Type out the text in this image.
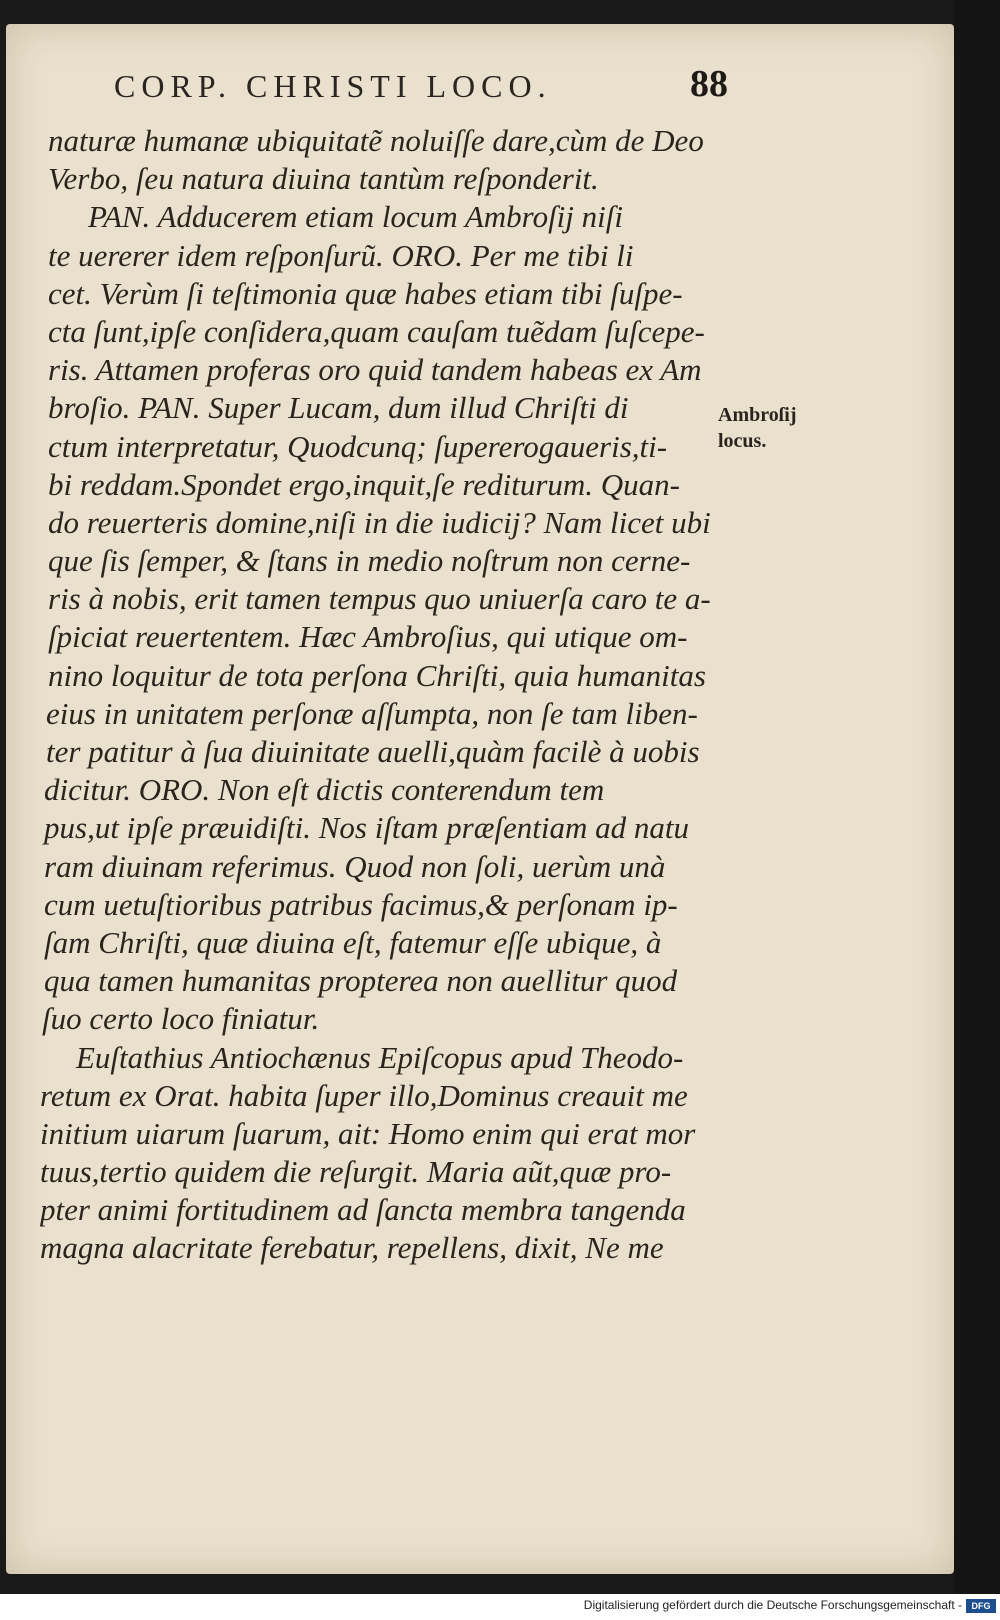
CORP. CHRISTI LOCO.	88
naturæ humanæ ubiquitatẽ noluiſſe dare,cùm de Deo
Verbo, ſeu natura diuina tantùm reſponderit.
PAN. Adducerem etiam locum Ambroſij niſi
te uererer idem reſponſurũ. ORO. Per me tibi li
cet. Verùm ſi teſtimonia quæ habes etiam tibi ſuſpe-
cta ſunt,ipſe conſidera,quam cauſam tuẽdam ſuſcepe-
ris. Attamen proferas oro quid tandem habeas ex Am
broſio. PAN. Super Lucam, dum illud Chriſti di
ctum interpretatur, Quodcunq; ſupererogaueris,ti-
bi reddam.Spondet ergo,inquit,ſe rediturum. Quan-
do reuerteris domine,niſi in die iudicij? Nam licet ubi
que ſis ſemper, & ſtans in medio noſtrum non cerne-
ris à nobis, erit tamen tempus quo uniuerſa caro te a-
ſpiciat reuertentem. Hæc Ambroſius, qui utique om-
nino loquitur de tota perſona Chriſti, quia humanitas
eius in unitatem perſonæ aſſumpta, non ſe tam liben-
ter patitur à ſua diuinitate auelli,quàm facilè à uobis
dicitur. ORO. Non eſt dictis conterendum tem
pus,ut ipſe præuidiſti. Nos iſtam præſentiam ad natu
ram diuinam referimus. Quod non ſoli, uerùm unà
cum uetuſtioribus patribus facimus,& perſonam ip-
ſam Chriſti, quæ diuina eſt, fatemur eſſe ubique, à
qua tamen humanitas propterea non auellitur quod
ſuo certo loco finiatur.
Euſtathius Antiochænus Epiſcopus apud Theodo-
retum ex Orat. habita ſuper illo,Dominus creauit me
initium uiarum ſuarum, ait: Homo enim qui erat mor
tuus,tertio quidem die reſurgit. Maria aũt,quæ pro-
pter animi fortitudinem ad ſancta membra tangenda
magna alacritate ferebatur, repellens, dixit, Ne me
Ambroſij
locus.
Digitalisierung gefördert durch die Deutsche Forschungsgemeinschaft -	DFG
